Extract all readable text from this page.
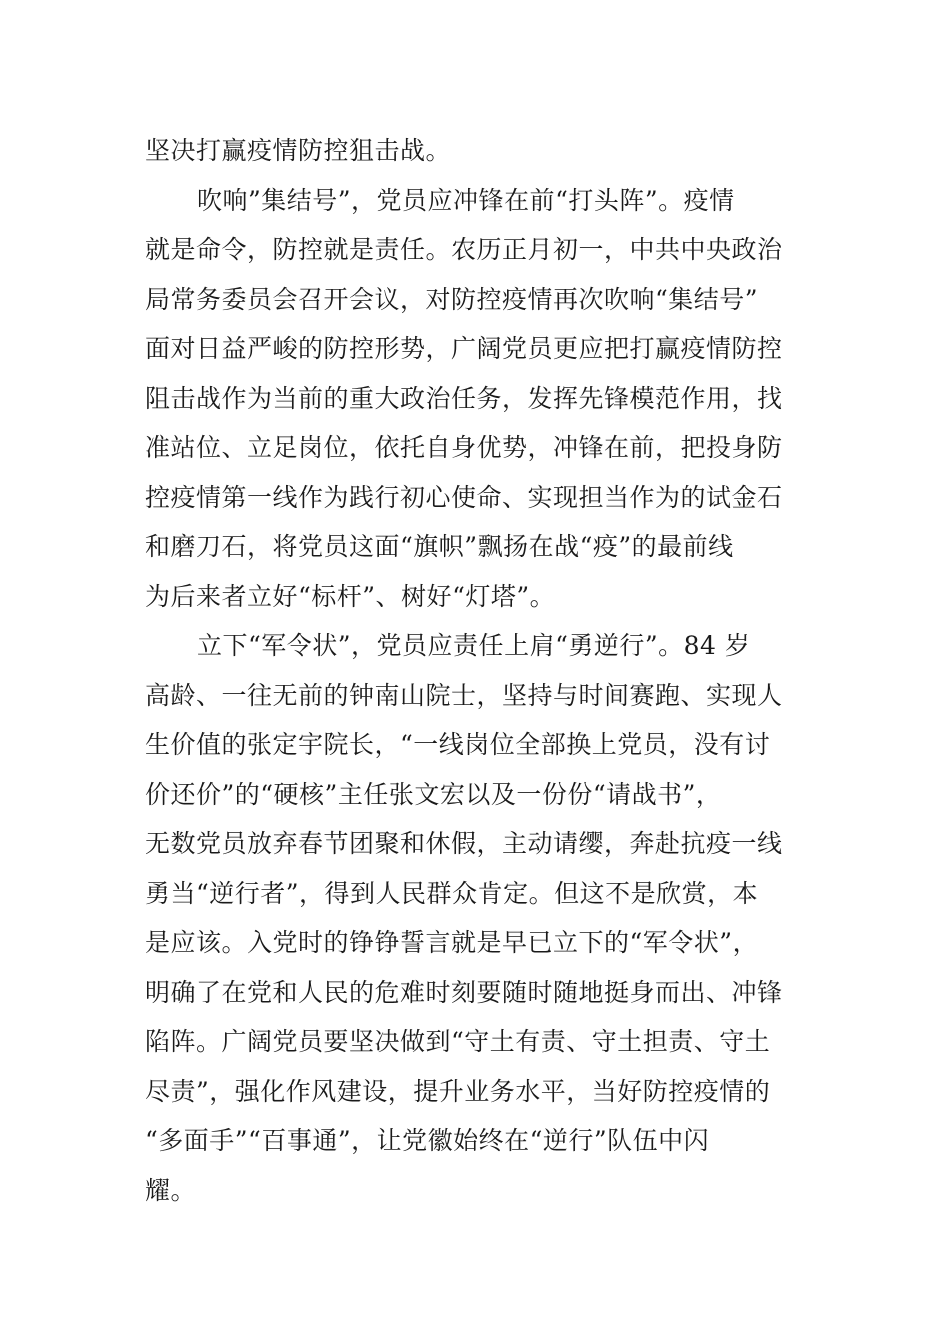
坚决打赢疫情防控狙击战。
吹响”集结号”，党员应冲锋在前“打头阵”。疫情
就是命令，防控就是责任。农历正月初一，中共中央政治
局常务委员会召开会议，对防控疫情再次吹响“集结号”
面对日益严峻的防控形势，广阔党员更应把打赢疫情防控
阻击战作为当前的重大政治任务，发挥先锋模范作用，找
准站位、立足岗位，依托自身优势，冲锋在前，把投身防
控疫情第一线作为践行初心使命、实现担当作为的试金石
和磨刀石，将党员这面“旗帜”飘扬在战“疫”的最前线
为后来者立好“标杆”、树好“灯塔”。
立下“军令状”，党员应责任上肩“勇逆行”。84 岁
高龄、一往无前的钟南山院士，坚持与时间赛跑、实现人
生价值的张定宇院长，“一线岗位全部换上党员，没有讨
价还价”的“硬核”主任张文宏以及一份份“请战书”，
无数党员放弃春节团聚和休假，主动请缨，奔赴抗疫一线
勇当“逆行者”，得到人民群众肯定。但这不是欣赏，本
是应该。入党时的铮铮誓言就是早已立下的“军令状”，
明确了在党和人民的危难时刻要随时随地挺身而出、冲锋
陷阵。广阔党员要坚决做到“守土有责、守土担责、守土
尽责”，强化作风建设，提升业务水平，当好防控疫情的
“多面手”“百事通”，让党徽始终在“逆行”队伍中闪
耀。
